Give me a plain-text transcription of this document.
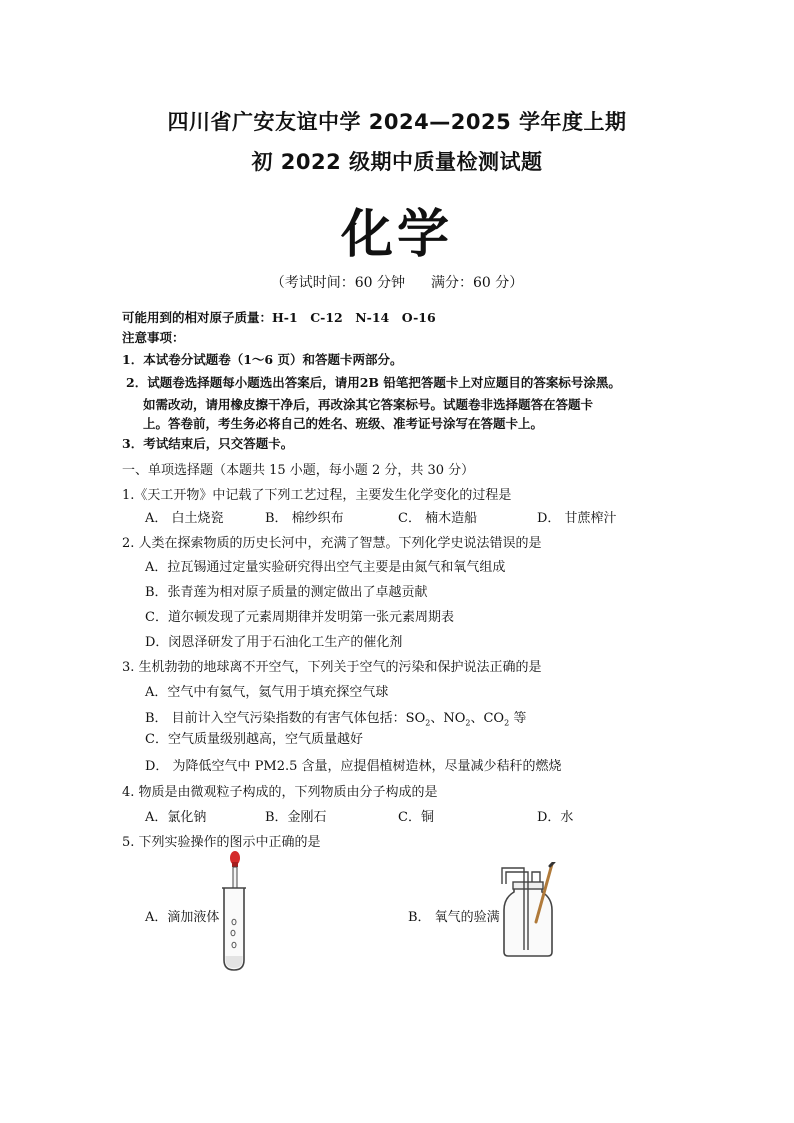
四川省广安友谊中学 2024—2025 学年度上期
初 2022 级期中质量检测试题
化学
（考试时间：60 分钟 满分：60 分）
可能用到的相对原子质量：H-1　C-12　N-14　O-16
注意事项：
1．本试卷分试题卷（1～6 页）和答题卡两部分。
2．试题卷选择题每小题选出答案后，请用2B 铅笔把答题卡上对应题目的答案标号涂黑。
如需改动，请用橡皮擦干净后，再改涂其它答案标号。试题卷非选择题答在答题卡
上。答卷前，考生务必将自己的姓名、班级、准考证号涂写在答题卡上。
3．考试结束后，只交答题卡。
一、单项选择题（本题共 15 小题，每小题 2 分，共 30 分）
1.《天工开物》中记载了下列工艺过程，主要发生化学变化的过程是
A． 白土烧瓷	B． 棉纱织布	C． 楠木造船	D． 甘蔗榨汁
2. 人类在探索物质的历史长河中，充满了智慧。下列化学史说法错误的是
A．拉瓦锡通过定量实验研究得出空气主要是由氮气和氧气组成
B．张青莲为相对原子质量的测定做出了卓越贡献
C．道尔顿发现了元素周期律并发明第一张元素周期表
D．闵恩泽研发了用于石油化工生产的催化剂
3. 生机勃勃的地球离不开空气，下列关于空气的污染和保护说法正确的是
A．空气中有氦气，氦气用于填充探空气球
B． 目前计入空气污染指数的有害气体包括：$SO_2$、$NO_2$、$CO_2$ 等
C．空气质量级别越高，空气质量越好
D． 为降低空气中 PM2.5 含量，应提倡植树造林，尽量减少秸秆的燃烧
4. 物质是由微观粒子构成的，下列物质由分子构成的是
A．氯化钠	B．金刚石	C．铜	D．水
5. 下列实验操作的图示中正确的是
A．滴加液体	B． 氧气的验满
